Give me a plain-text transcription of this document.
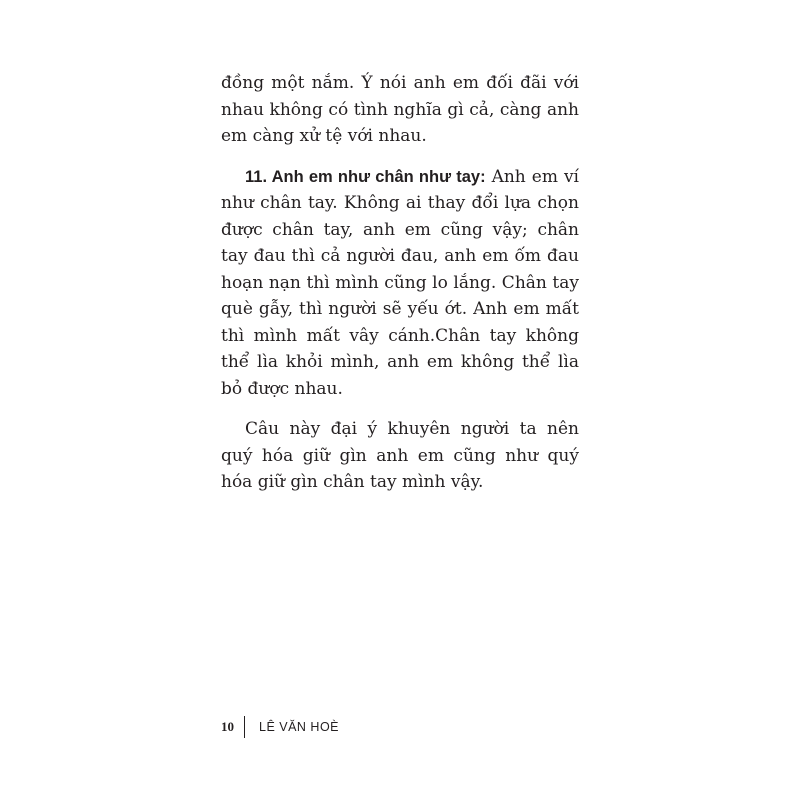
đồng một nắm. Ý nói anh em đối đãi với nhau không có tình nghĩa gì cả, càng anh em càng xử tệ với nhau.

11. Anh em như chân như tay: Anh em ví như chân tay. Không ai thay đổi lựa chọn được chân tay, anh em cũng vậy; chân tay đau thì cả người đau, anh em ốm đau hoạn nạn thì mình cũng lo lắng. Chân tay què gẫy, thì người sẽ yếu ớt. Anh em mất thì mình mất vây cánh.Chân tay không thể lìa khỏi mình, anh em không thể lìa bỏ được nhau.

Câu này đại ý khuyên người ta nên quý hóa giữ gìn anh em cũng như quý hóa giữ gìn chân tay mình vậy.

10 LÊ VĂN HOÈ
